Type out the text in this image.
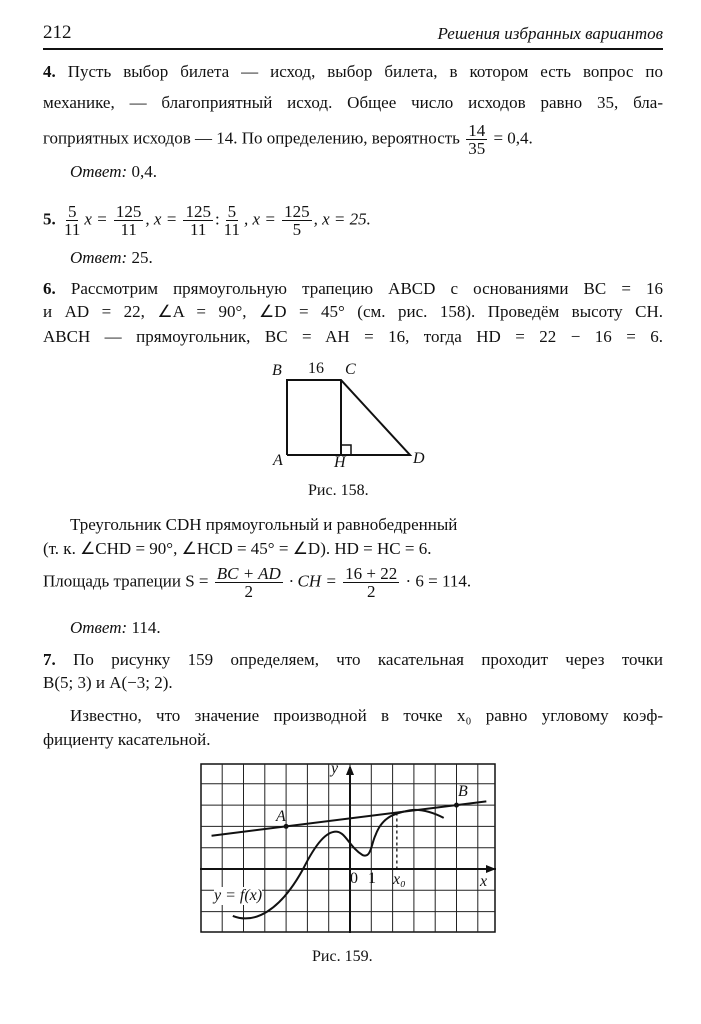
212	Решения избранных вариантов
4. Пусть выбор билета — исход, выбор билета, в котором есть вопрос по
механике, — благоприятный исход. Общее число исходов равно 35, бла-
гоприятных исходов — 14. По определению, вероятность $\frac{14}{35} = 0,4$.
Ответ: 0,4.
5. $\frac{5}{11}$ $x = \frac{125}{11}$ , $x = \frac{125}{11}$ : $\frac{5}{11}$ , $x = \frac{125}{5}$ , x = 25.
Ответ: 25.
6. Рассмотрим прямоугольную трапецию ABCD с основаниями BC = 16
и AD = 22, ∠A = 90°, ∠D = 45° (см. рис. 158). Проведём высоту CH.
ABCH — прямоугольник, BC = AH = 16, тогда HD = 22 − 16 = 6.
B 16 C
A	H	D
Рис. 158.
Треугольник CDH прямоугольный и равнобедренный
(т. к. ∠CHD = 90°, ∠HCD = 45° = ∠D). HD = HC = 6.
Площадь трапеции $S = \frac{BC + AD}{2}$ · CH = $\frac{16 + 22}{2} \cdot 6 = 114$.
Ответ: 114.
7. По рисунку 159 определяем, что касательная проходит через точки
B(5; 3) и A(−3; 2).
Известно, что значение производной в точке x₀ равно угловому коэф-
фициенту касательной.
y
x
0 1 x₀
A
B
y = f(x)
Рис. 159.
